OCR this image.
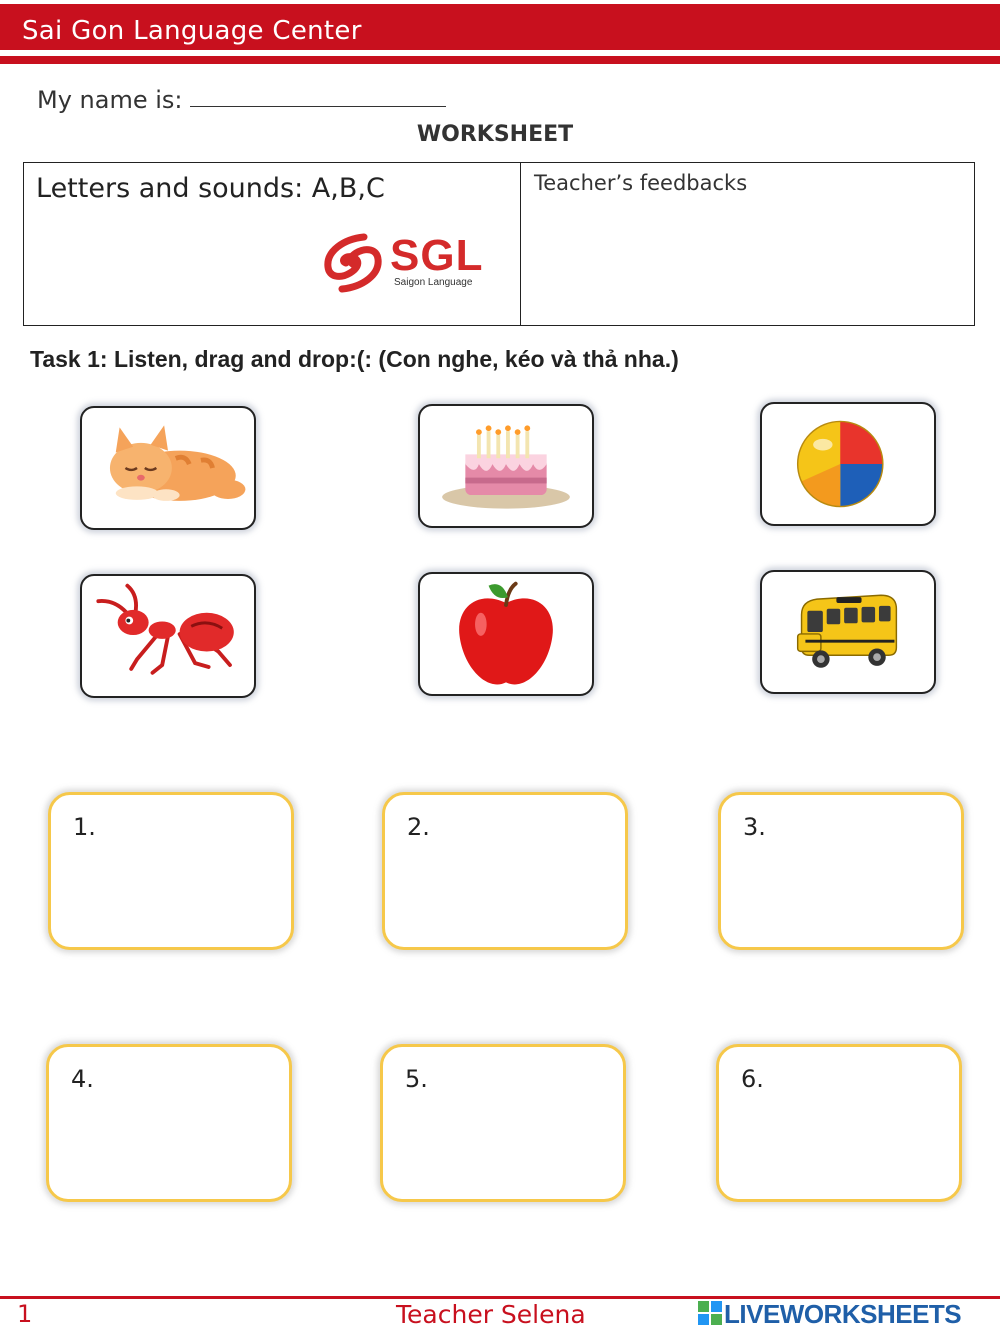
Sai Gon Language Center
My name is:
WORKSHEET
Letters and sounds: A,B,C	Teacher’s feedbacks
SGL
Saigon Language
Task 1: Listen, drag and drop:(: (Con nghe, kéo và thả nha.)
1.	2.	3.
4.	5.	6.
1	Teacher Selena	LIVEWORKSHEETS
